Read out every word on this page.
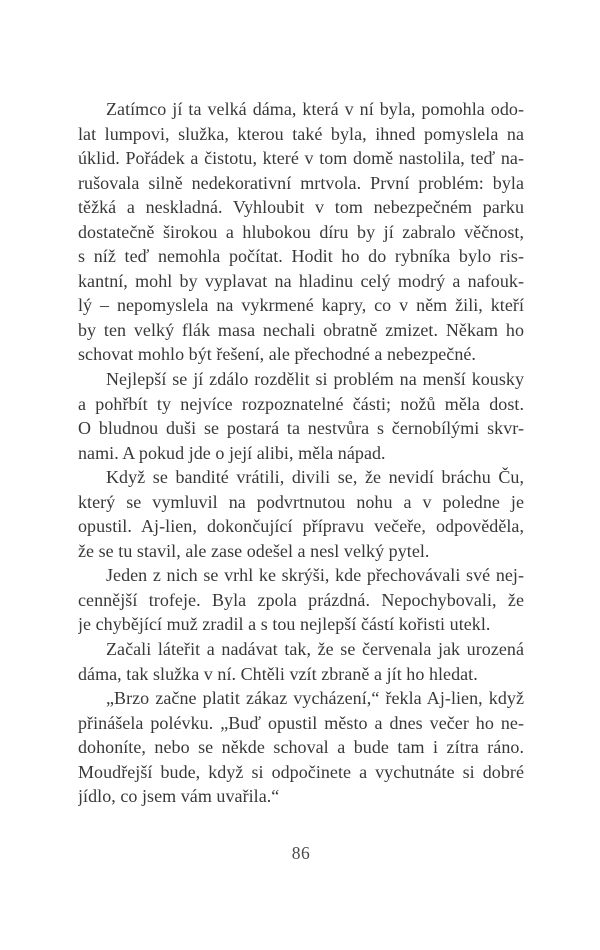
Zatímco jí ta velká dáma, která v ní byla, pomohla odo-
lat lumpovi, služka, kterou také byla, ihned pomyslela na
úklid. Pořádek a čistotu, které v tom domě nastolila, teď na-
rušovala silně nedekorativní mrtvola. První problém: byla
těžká a neskladná. Vyhloubit v tom nebezpečném parku
dostatečně širokou a hlubokou díru by jí zabralo věčnost,
s níž teď nemohla počítat. Hodit ho do rybníka bylo ris-
kantní, mohl by vyplavat na hladinu celý modrý a nafouk-
lý – nepomyslela na vykrmené kapry, co v něm žili, kteří
by ten velký flák masa nechali obratně zmizet. Někam ho
schovat mohlo být řešení, ale přechodné a nebezpečné.
Nejlepší se jí zdálo rozdělit si problém na menší kousky
a pohřbít ty nejvíce rozpoznatelné části; nožů měla dost.
O bludnou duši se postará ta nestvůra s černobílými skvr-
nami. A pokud jde o její alibi, měla nápad.
Když se bandité vrátili, divili se, že nevidí bráchu Ču,
který se vymluvil na podvrtnutou nohu a v poledne je
opustil. Aj-lien, dokončující přípravu večeře, odpověděla,
že se tu stavil, ale zase odešel a nesl velký pytel.
Jeden z nich se vrhl ke skrýši, kde přechovávali své nej-
cennější trofeje. Byla zpola prázdná. Nepochybovali, že
je chybějící muž zradil a s tou nejlepší částí kořisti utekl.
Začali láteřit a nadávat tak, že se červenala jak urozená
dáma, tak služka v ní. Chtěli vzít zbraně a jít ho hledat.
„Brzo začne platit zákaz vycházení,“ řekla Aj-lien, když
přinášela polévku. „Buď opustil město a dnes večer ho ne-
dohoníte, nebo se někde schoval a bude tam i zítra ráno.
Moudřejší bude, když si odpočinete a vychutnáte si dobré
jídlo, co jsem vám uvařila.“
86
